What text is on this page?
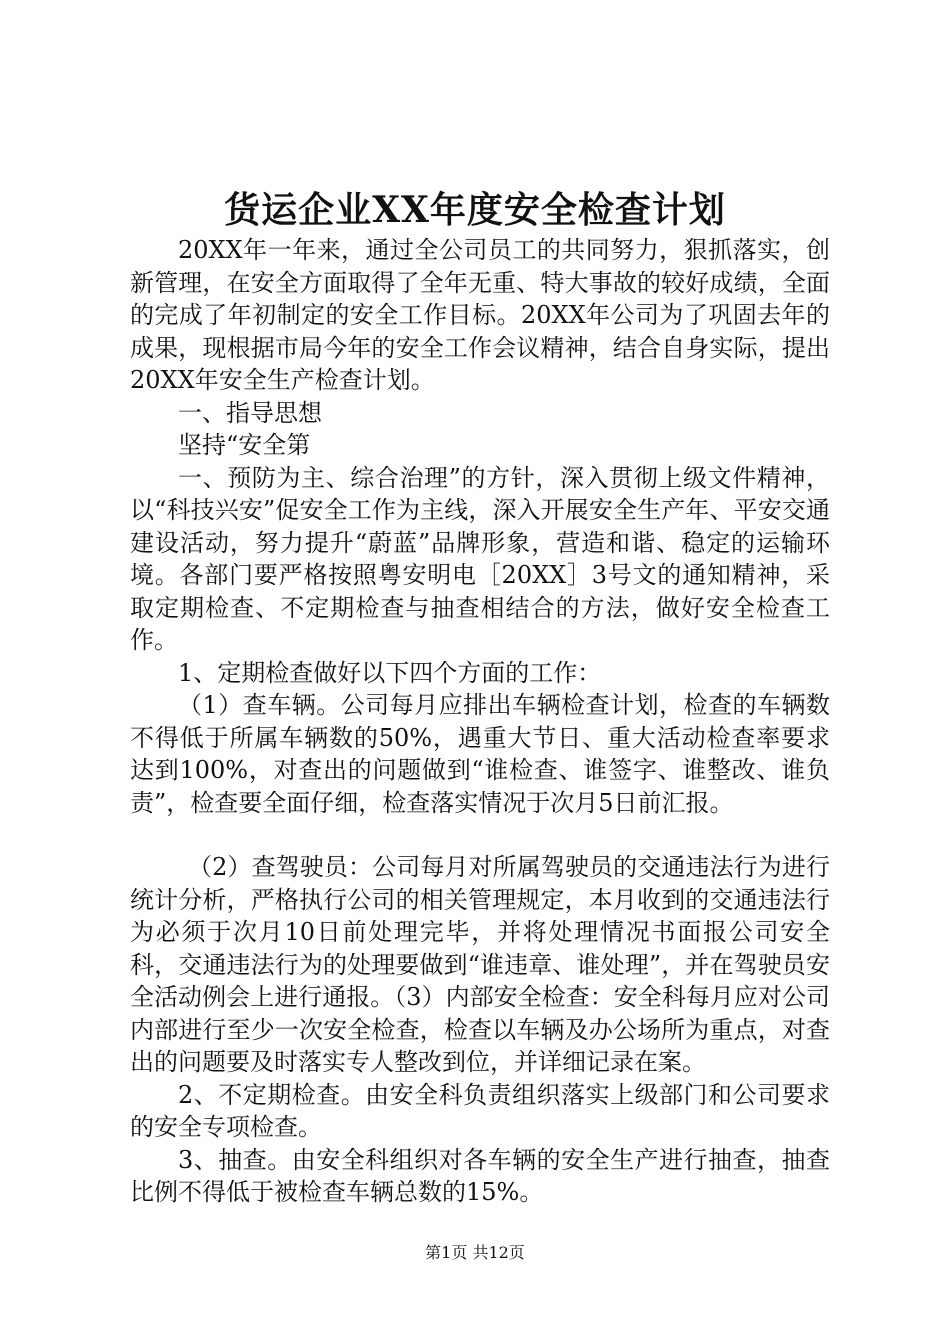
货运企业XX年度安全检查计划

20XX年一年来，通过全公司员工的共同努力，狠抓落实，创新管理，在安全方面取得了全年无重、特大事故的较好成绩，全面的完成了年初制定的安全工作目标。20XX年公司为了巩固去年的成果，现根据市局今年的安全工作会议精神，结合自身实际，提出20XX年安全生产检查计划。

一、指导思想

坚持“安全第

一、预防为主、综合治理”的方针，深入贯彻上级文件精神，以“科技兴安”促安全工作为主线，深入开展安全生产年、平安交通建设活动，努力提升“蔚蓝”品牌形象，营造和谐、稳定的运输环境。各部门要严格按照粤安明电［20XX］3号文的通知精神，采取定期检查、不定期检查与抽查相结合的方法，做好安全检查工作。

1、定期检查做好以下四个方面的工作：

（1）查车辆。公司每月应排出车辆检查计划，检查的车辆数不得低于所属车辆数的50%，遇重大节日、重大活动检查率要求达到100%，对查出的问题做到“谁检查、谁签字、谁整改、谁负责”，检查要全面仔细，检查落实情况于次月5日前汇报。

（2）查驾驶员：公司每月对所属驾驶员的交通违法行为进行统计分析，严格执行公司的相关管理规定，本月收到的交通违法行为必须于次月10日前处理完毕，并将处理情况书面报公司安全科，交通违法行为的处理要做到“谁违章、谁处理”，并在驾驶员安全活动例会上进行通报。（3）内部安全检查：安全科每月应对公司内部进行至少一次安全检查，检查以车辆及办公场所为重点，对查出的问题要及时落实专人整改到位，并详细记录在案。

2、不定期检查。由安全科负责组织落实上级部门和公司要求的安全专项检查。

3、抽查。由安全科组织对各车辆的安全生产进行抽查，抽查比例不得低于被检查车辆总数的15%。

第1页 共12页
